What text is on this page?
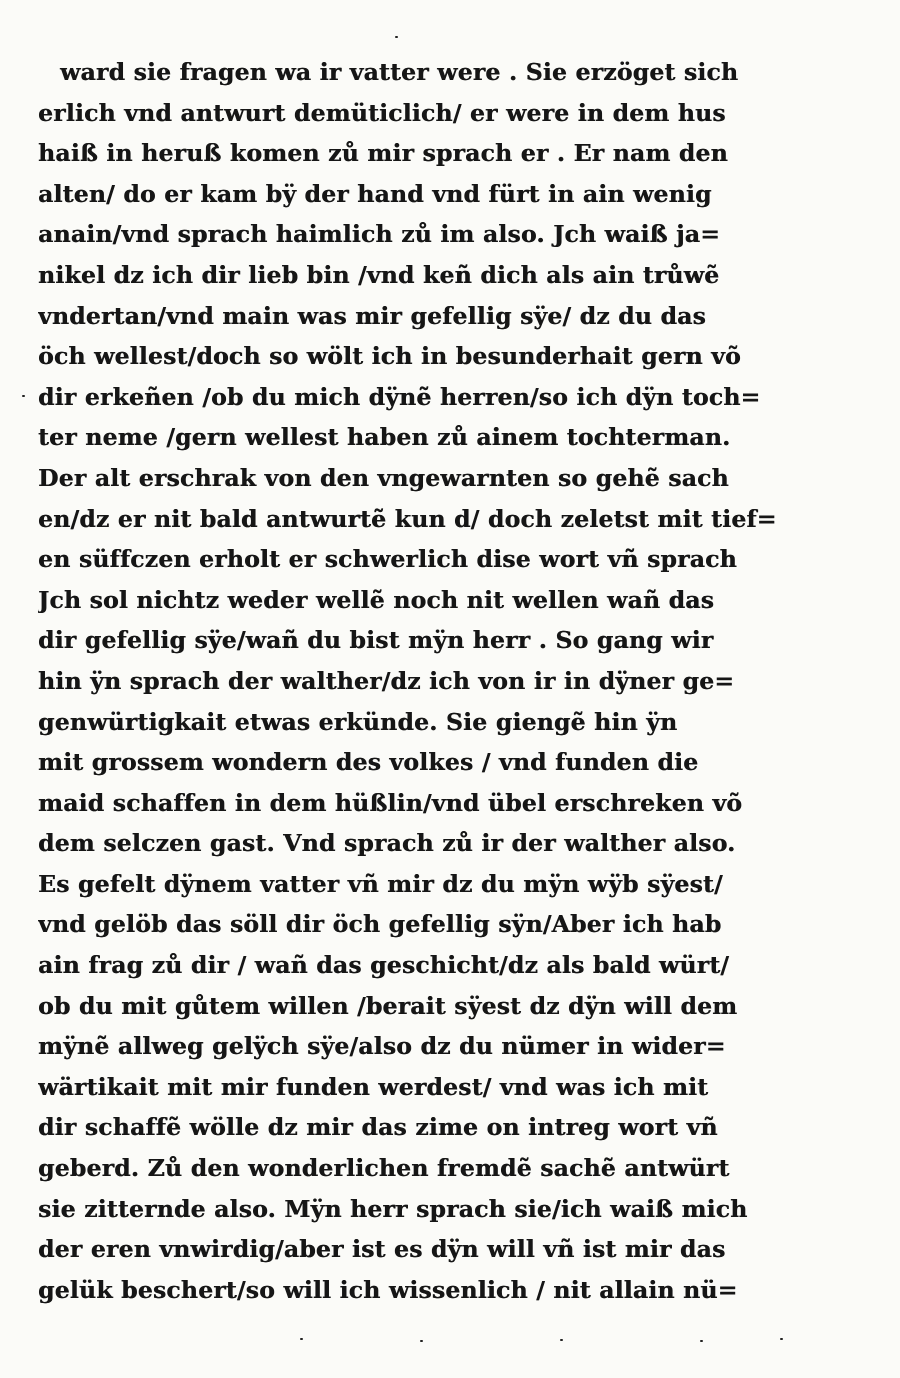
ward sie fragen wa ir vatter were . Sie erzöget sich
erlich vnd antwurt demüticlich/ er were in dem hus
haiß in heruß komen zů mir sprach er . Er nam den
alten/ do er kam bÿ der hand vnd fürt in ain wenig
anain/vnd sprach haimlich zů im also. Jch waiß ja=
nikel dz ich dir lieb bin /vnd keñ dich als ain trůwẽ
vndertan/vnd main was mir gefellig sÿe/ dz du das
öch wellest/doch so wölt ich in besunderhait gern võ
dir erkeñen /ob du mich dÿnẽ herren/so ich dÿn toch=
ter neme /gern wellest haben zů ainem tochterman.
Der alt erschrak von den vngewarnten so gehẽ sach
en/dz er nit bald antwurtẽ kun d/ doch zeletst mit tief=
en süffczen erholt er schwerlich dise wort vñ sprach
Jch sol nichtz weder wellẽ noch nit wellen wañ das
dir gefellig sÿe/wañ du bist mÿn herr . So gang wir
hin ÿn sprach der walther/dz ich von ir in dÿner ge=
genwürtigkait etwas erkünde. Sie giengẽ hin ÿn
mit grossem wondern des volkes / vnd funden die
maid schaffen in dem hüßlin/vnd übel erschreken võ
dem selczen gast. Vnd sprach zů ir der walther also.
Es gefelt dÿnem vatter vñ mir dz du mÿn wÿb sÿest/
vnd gelöb das söll dir öch gefellig sÿn/Aber ich hab
ain frag zů dir / wañ das geschicht/dz als bald würt/
ob du mit gůtem willen /berait sÿest dz dÿn will dem
mÿnẽ allweg gelÿch sÿe/also dz du nümer in wider=
wärtikait mit mir funden werdest/ vnd was ich mit
dir schaffẽ wölle dz mir das zime on intreg wort vñ
geberd. Zů den wonderlichen fremdẽ sachẽ antwürt
sie zitternde also. Mÿn herr sprach sie/ich waiß mich
der eren vnwirdig/aber ist es dÿn will vñ ist mir das
gelük beschert/so will ich wissenlich / nit allain nü=
